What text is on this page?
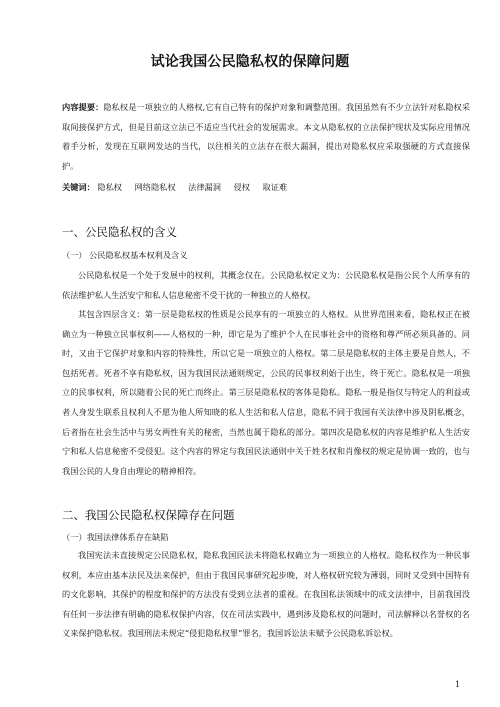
试论我国公民隐私权的保障问题
内容提要：隐私权是一项独立的人格权,它有自己特有的保护对象和调整范围。我国虽然有不少立法针对私隐权采取间接保护方式，但是目前这立法已不适应当代社会的发展需求。本文从隐私权的立法保护现状及实际应用情况着手分析，发现在互联网发达的当代，以往相关的立法存在很大漏洞，提出对隐私权应采取强硬的方式直接保护。
关键词： 隐私权 网络隐私权 法律漏洞 侵权 取证难
一、公民隐私权的含义
（一） 公民隐私权基本权利及含义
公民隐私权是一个处于发展中的权利，其概念仅在。公民隐私权定义为：公民隐私权是指公民个人所享有的依法维护私人生活安宁和私人信息秘密不受干扰的一种独立的人格权。
其包含四层含义：第一层是隐私权的性质是公民享有的一项独立的人格权。从世界范围来看，隐私权正在被确立为一种独立民事权利——人格权的一种，即它是为了维护个人在民事社会中的资格和尊严所必须具备的。同时，又由于它保护对象和内容的特殊性，所以它是一项独立的人格权。第二层是隐私权的主体主要是自然人，不包括死者。死者不享有隐私权，因为我国民法通则规定，公民的民事权利始于出生，终于死亡。隐私权是一项独立的民事权利，所以随着公民的死亡而终止。第三层是隐私权的客体是隐私。隐私一般是指仅与特定人的利益或者人身发生联系且权利人不愿为他人所知晓的私人生活和私人信息，隐私不同于我国有关法律中涉及阴私概念，后者指在社会生活中与男女两性有关的秘密，当然也属于隐私的部分。第四次是隐私权的内容是维护私人生活安宁和私人信息秘密不受侵犯。这个内容的界定与我国民法通则中关于姓名权和肖像权的规定是协调一致的，也与我国公民的人身自由理论的精神相符。
二、我国公民隐私权保障存在问题
（一）我国法律体系存在缺陷
我国宪法未直接规定公民隐私权，隐私我国民法未将隐私权确立为一项独立的人格权。隐私权作为一种民事权利，本应由基本法民及法来保护，但由于我国民事研究起步晚，对人格权研究较为薄弱，同时又受到中国特有的文化影响，其保护的程度和保护的方法没有受到立法者的重视。在我国私法领域中的成文法律中，目前我国没有任何一步法律有明确的隐私权保护内容，仅在司法实践中，遇到涉及隐私权的问题时，司法解释以名誉权的名义来保护隐私权。我国刑法未规定“侵犯隐私权罪”罪名，我国诉讼法未赋予公民隐私诉讼权。
1
